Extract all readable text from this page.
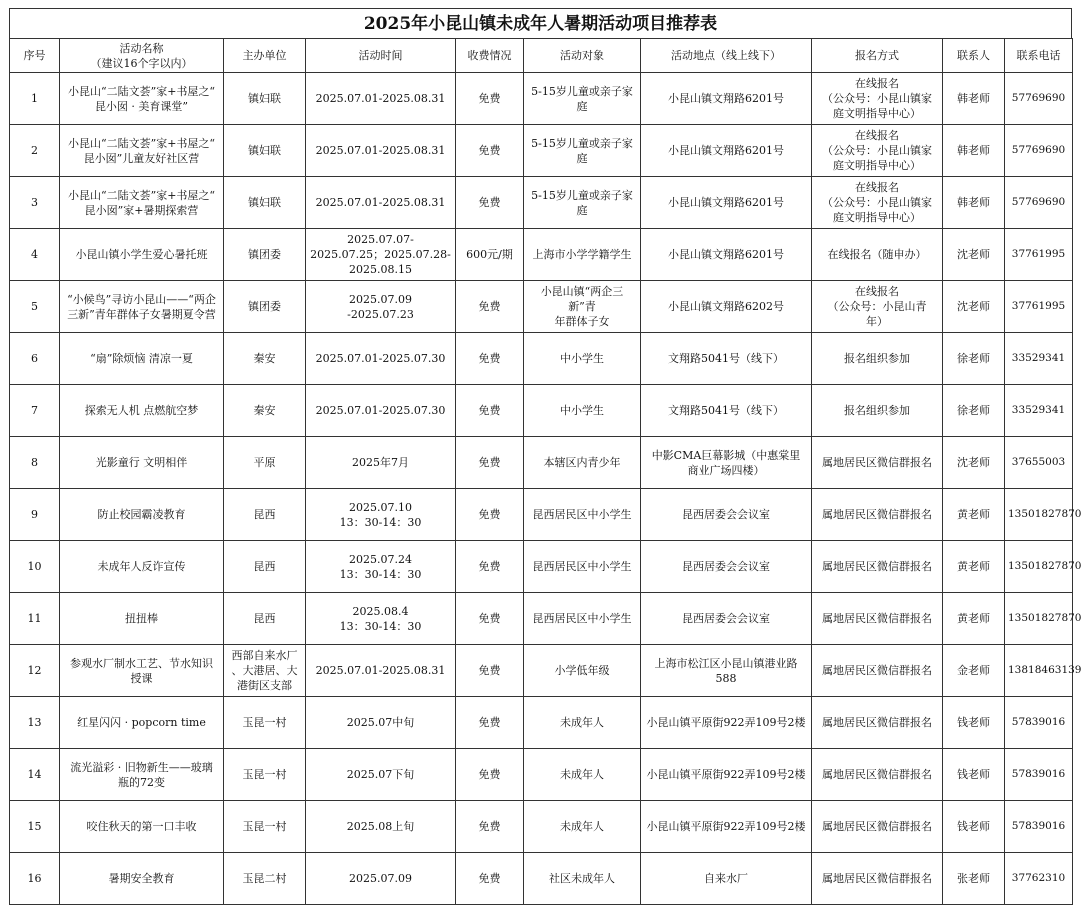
2025年小昆山镇未成年人暑期活动项目推荐表
序号	活动名称
（建议16个字以内）	主办单位	活动时间	收费情况	活动对象	活动地点（线上线下）	报名方式	联系人	联系电话
1	小昆山“二陆文荟”家+书屋之“
昆小囡 · 美育课堂”	镇妇联	2025.07.01-2025.08.31	免费	5-15岁儿童或亲子家庭	小昆山镇文翔路6201号	在线报名
（公众号：小昆山镇家
庭文明指导中心）	韩老师	57769690
2	小昆山“二陆文荟”家+书屋之“
昆小囡”儿童友好社区营	镇妇联	2025.07.01-2025.08.31	免费	5-15岁儿童或亲子家庭	小昆山镇文翔路6201号	在线报名
（公众号：小昆山镇家
庭文明指导中心）	韩老师	57769690
3	小昆山“二陆文荟”家+书屋之“
昆小囡”家+暑期探索营	镇妇联	2025.07.01-2025.08.31	免费	5-15岁儿童或亲子家庭	小昆山镇文翔路6201号	在线报名
（公众号：小昆山镇家
庭文明指导中心）	韩老师	57769690
4	小昆山镇小学生爱心暑托班	镇团委	2025.07.07-
2025.07.25；2025.07.28-
2025.08.15	600元/期	上海市小学学籍学生	小昆山镇文翔路6201号	在线报名（随申办）	沈老师	37761995
5	“小候鸟”寻访小昆山——“两企
三新”青年群体子女暑期夏令营	镇团委	2025.07.09
-2025.07.23	免费	小昆山镇“两企三新”青
年群体子女	小昆山镇文翔路6202号	在线报名
（公众号：小昆山青
年）	沈老师	37761995
6	“扇”除烦恼 清凉一夏	秦安	2025.07.01-2025.07.30	免费	中小学生	文翔路5041号（线下）	报名组织参加	徐老师	33529341
7	探索无人机 点燃航空梦	秦安	2025.07.01-2025.07.30	免费	中小学生	文翔路5041号（线下）	报名组织参加	徐老师	33529341
8	光影童行 文明相伴	平原	2025年7月	免费	本辖区内青少年	中影CMA巨幕影城（中惠棠里
商业广场四楼）	属地居民区微信群报名	沈老师	37655003
9	防止校园霸凌教育	昆西	2025.07.10
13：30-14：30	免费	昆西居民区中小学生	昆西居委会会议室	属地居民区微信群报名	黄老师	13501827870
10	未成年人反诈宣传	昆西	2025.07.24
13：30-14：30	免费	昆西居民区中小学生	昆西居委会会议室	属地居民区微信群报名	黄老师	13501827870
11	扭扭棒	昆西	2025.08.4
13：30-14：30	免费	昆西居民区中小学生	昆西居委会会议室	属地居民区微信群报名	黄老师	13501827870
12	参观水厂制水工艺、节水知识
授课	西部自来水厂
、大港居、大
港街区支部	2025.07.01-2025.08.31	免费	小学低年级	上海市松江区小昆山镇港业路
588	属地居民区微信群报名	金老师	13818463139
13	红星闪闪 · popcorn time	玉昆一村	2025.07中旬	免费	未成年人	小昆山镇平原街922弄109号2楼	属地居民区微信群报名	钱老师	57839016
14	流光溢彩 · 旧物新生——玻璃
瓶的72变	玉昆一村	2025.07下旬	免费	未成年人	小昆山镇平原街922弄109号2楼	属地居民区微信群报名	钱老师	57839016
15	咬住秋天的第一口丰收	玉昆一村	2025.08上旬	免费	未成年人	小昆山镇平原街922弄109号2楼	属地居民区微信群报名	钱老师	57839016
16	暑期安全教育	玉昆二村	2025.07.09	免费	社区未成年人	自来水厂	属地居民区微信群报名	张老师	37762310
